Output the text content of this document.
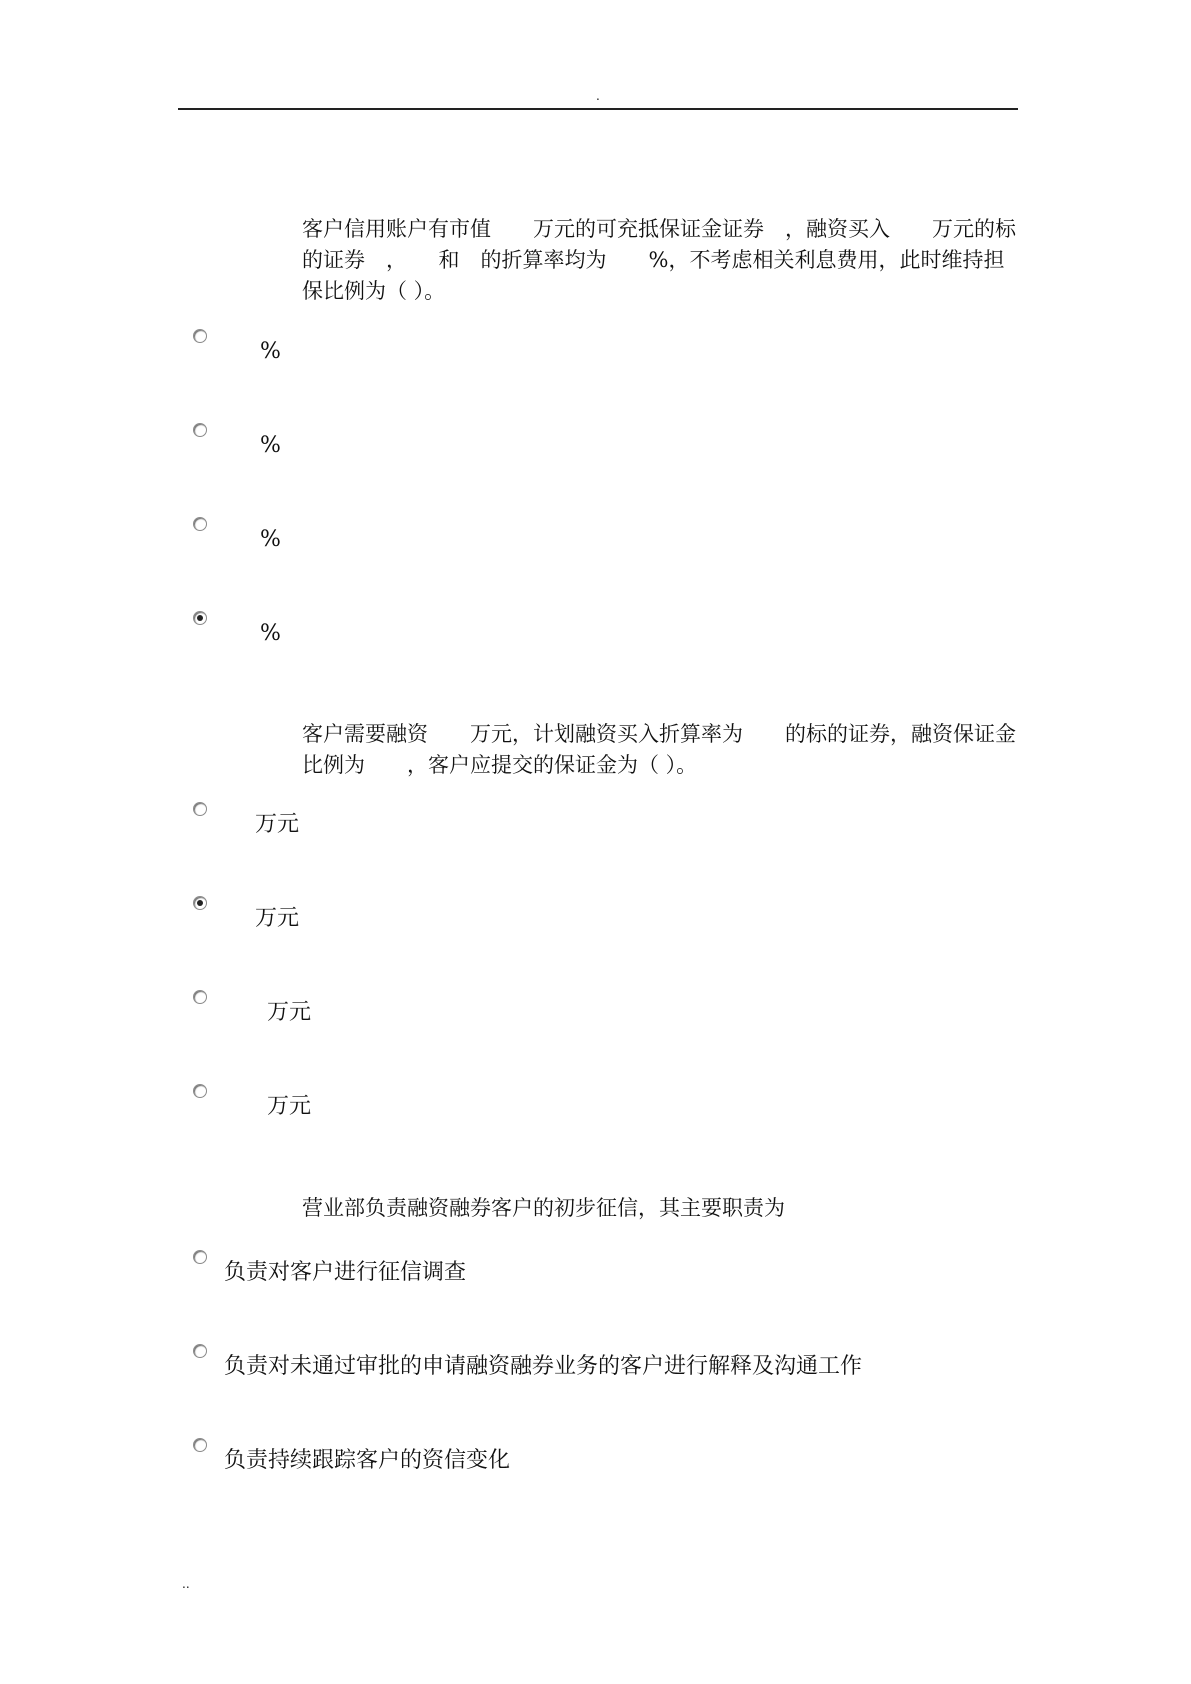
.
客户信用账户有市值　　万元的可充抵保证金证券　，融资买入　　万元的标的证券　，　　和　的折算率均为　　%，不考虑相关利息费用，此时维持担保比例为（ ）。
%
%
%
%
客户需要融资　　万元，计划融资买入折算率为　　的标的证券，融资保证金比例为　　，客户应提交的保证金为（ ）。
万元
万元
万元
万元
营业部负责融资融券客户的初步征信，其主要职责为
负责对客户进行征信调查
负责对未通过审批的申请融资融券业务的客户进行解释及沟通工作
负责持续跟踪客户的资信变化
..
